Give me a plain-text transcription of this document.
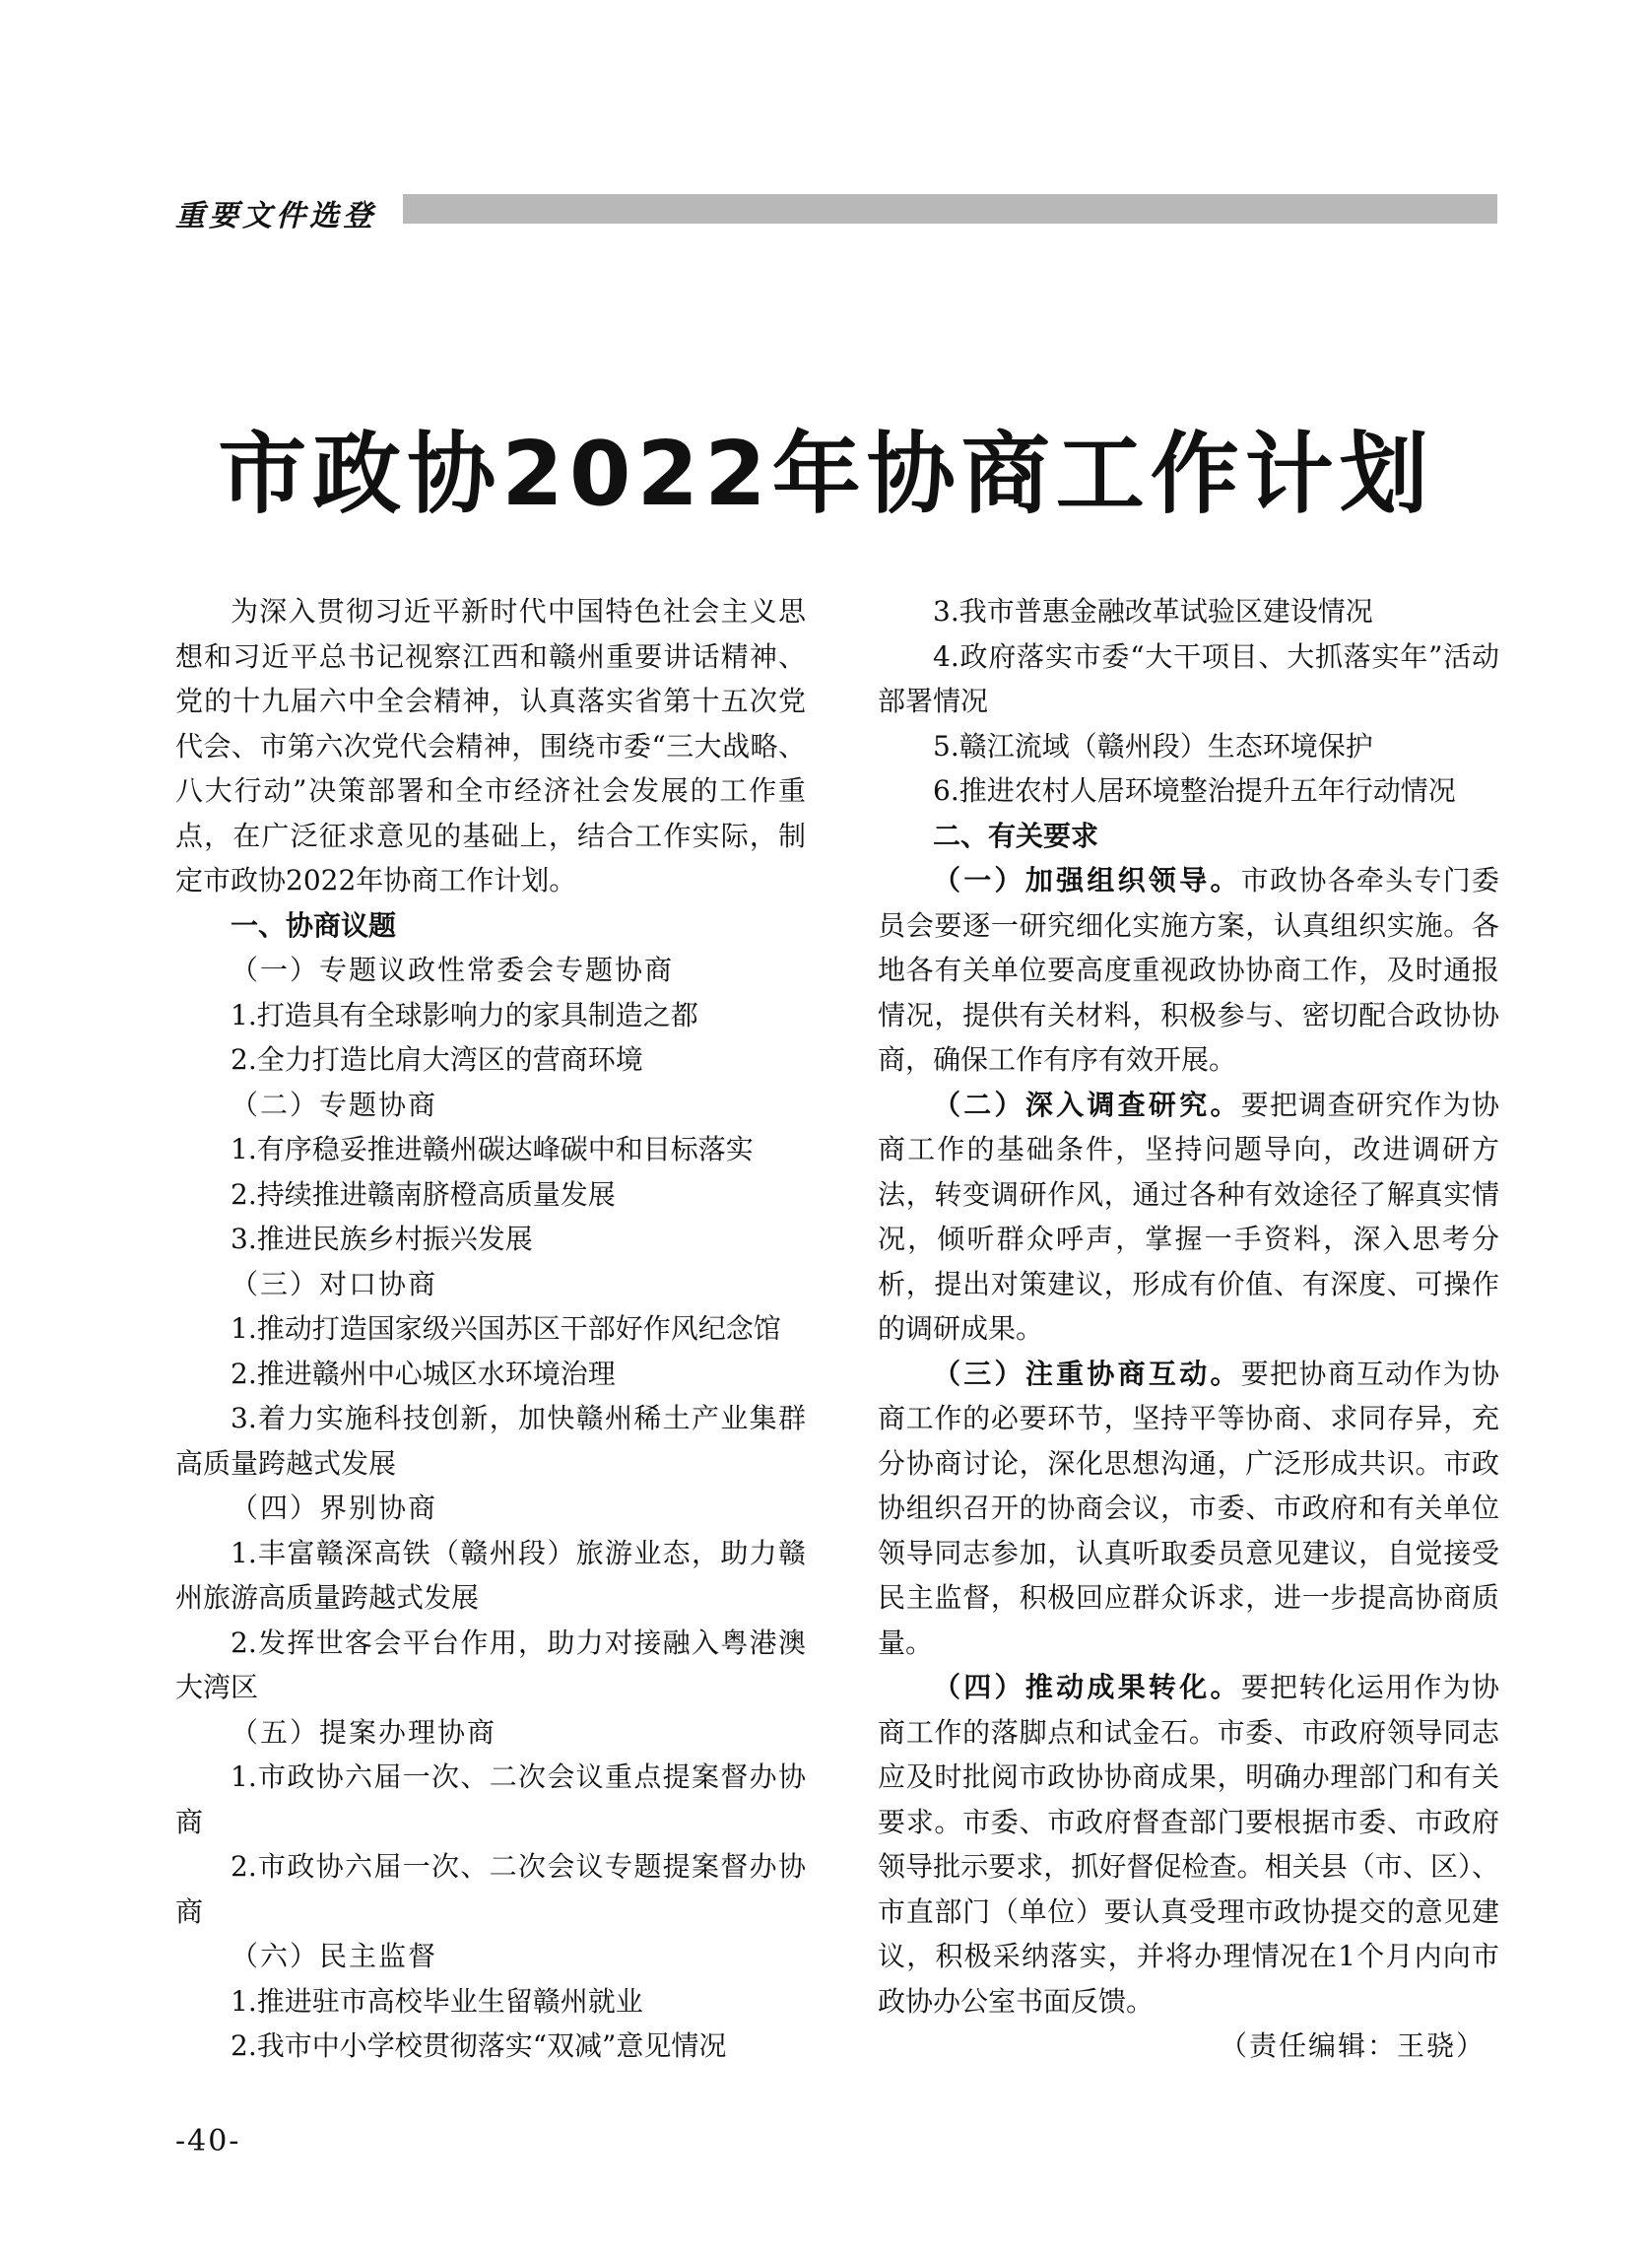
重要文件选登
市政协2022年协商工作计划

为深入贯彻习近平新时代中国特色社会主义思想和习近平总书记视察江西和赣州重要讲话精神、党的十九届六中全会精神，认真落实省第十五次党代会、市第六次党代会精神，围绕市委“三大战略、八大行动”决策部署和全市经济社会发展的工作重点，在广泛征求意见的基础上，结合工作实际，制定市政协2022年协商工作计划。

一、协商议题

（一）专题议政性常委会专题协商

1.打造具有全球影响力的家具制造之都

2.全力打造比肩大湾区的营商环境

（二）专题协商

1.有序稳妥推进赣州碳达峰碳中和目标落实

2.持续推进赣南脐橙高质量发展

3.推进民族乡村振兴发展

（三）对口协商

1.推动打造国家级兴国苏区干部好作风纪念馆

2.推进赣州中心城区水环境治理

3.着力实施科技创新，加快赣州稀土产业集群高质量跨越式发展

（四）界别协商

1.丰富赣深高铁（赣州段）旅游业态，助力赣州旅游高质量跨越式发展

2.发挥世客会平台作用，助力对接融入粤港澳大湾区

（五）提案办理协商

1.市政协六届一次、二次会议重点提案督办协商

2.市政协六届一次、二次会议专题提案督办协商

（六）民主监督

1.推进驻市高校毕业生留赣州就业

2.我市中小学校贯彻落实“双减”意见情况

3.我市普惠金融改革试验区建设情况

4.政府落实市委“大干项目、大抓落实年”活动部署情况

5.赣江流域（赣州段）生态环境保护

6.推进农村人居环境整治提升五年行动情况

二、有关要求

（一）加强组织领导。市政协各牵头专门委员会要逐一研究细化实施方案，认真组织实施。各地各有关单位要高度重视政协协商工作，及时通报情况，提供有关材料，积极参与、密切配合政协协商，确保工作有序有效开展。

（二）深入调查研究。要把调查研究作为协商工作的基础条件，坚持问题导向，改进调研方法，转变调研作风，通过各种有效途径了解真实情况，倾听群众呼声，掌握一手资料，深入思考分析，提出对策建议，形成有价值、有深度、可操作的调研成果。

（三）注重协商互动。要把协商互动作为协商工作的必要环节，坚持平等协商、求同存异，充分协商讨论，深化思想沟通，广泛形成共识。市政协组织召开的协商会议，市委、市政府和有关单位领导同志参加，认真听取委员意见建议，自觉接受民主监督，积极回应群众诉求，进一步提高协商质量。

（四）推动成果转化。要把转化运用作为协商工作的落脚点和试金石。市委、市政府领导同志应及时批阅市政协协商成果，明确办理部门和有关要求。市委、市政府督查部门要根据市委、市政府领导批示要求，抓好督促检查。相关县（市、区）、市直部门（单位）要认真受理市政协提交的意见建议，积极采纳落实，并将办理情况在1个月内向市政协办公室书面反馈。

（责任编辑：王骁）

-40-
